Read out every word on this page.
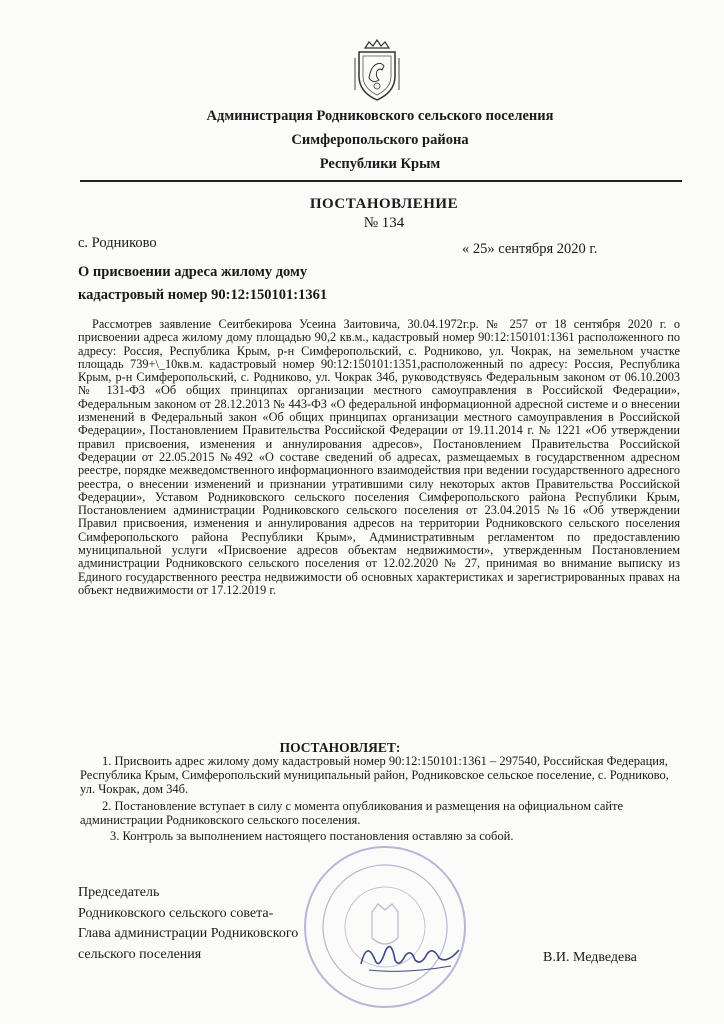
Администрация Родниковского сельского поселения
Симферопольского района
Республики Крым
ПОСТАНОВЛЕНИЕ
№ 134
с. Родниково	« 25» сентября 2020 г.
О присвоении адреса жилому дому
кадастровый номер 90:12:150101:1361
Рассмотрев заявление Сеитбекирова Усеина Заитовича, 30.04.1972г.р. № 257 от 18 сентября 2020 г. о присвоении адреса жилому дому площадью 90,2 кв.м., кадастровый номер 90:12:150101:1361 расположенного по адресу: Россия, Республика Крым, р-н Симферопольский, с. Родниково, ул. Чокрак, на земельном участке площадь 739+\_10кв.м. кадастровый номер 90:12:150101:1351,расположенный по адресу: Россия, Республика Крым, р-н Симферопольский, с. Родниково, ул. Чокрак 34б, руководствуясь Федеральным законом от 06.10.2003 № 131-ФЗ «Об общих принципах организации местного самоуправления в Российской Федерации», Федеральным законом от 28.12.2013 № 443-ФЗ «О федеральной информационной адресной системе и о внесении изменений в Федеральный закон «Об общих принципах организации местного самоуправления в Российской Федерации», Постановлением Правительства Российской Федерации от 19.11.2014 г. № 1221 «Об утверждении правил присвоения, изменения и аннулирования адресов», Постановлением Правительства Российской Федерации от 22.05.2015 №492 «О составе сведений об адресах, размещаемых в государственном адресном реестре, порядке межведомственного информационного взаимодействия при ведении государственного адресного реестра, о внесении изменений и признании утратившими силу некоторых актов Правительства Российской Федерации», Уставом Родниковского сельского поселения Симферопольского района Республики Крым, Постановлением администрации Родниковского сельского поселения от 23.04.2015 №16 «Об утверждении Правил присвоения, изменения и аннулирования адресов на территории Родниковского сельского поселения Симферопольского района Республики Крым», Административным регламентом по предоставлению муниципальной услуги «Присвоение адресов объектам недвижимости», утвержденным Постановлением администрации Родниковского сельского поселения от 12.02.2020 № 27, принимая во внимание выписку из Единого государственного реестра недвижимости об основных характеристиках и зарегистрированных правах на объект недвижимости от 17.12.2019 г.
ПОСТАНОВЛЯЕТ:

1. Присвоить адрес жилому дому кадастровый номер 90:12:150101:1361 – 297540, Российская Федерация, Республика Крым, Симферопольский муниципальный район, Родниковское сельское поселение, с. Родниково, ул. Чокрак, дом 34б.

2. Постановление вступает в силу с момента опубликования и размещения на официальном сайте администрации Родниковского сельского поселения.

3. Контроль за выполнением настоящего постановления оставляю за собой.

Председатель
Родниковского сельского совета-
Глава администрации Родниковского
сельского поселения	В.И. Медведева
